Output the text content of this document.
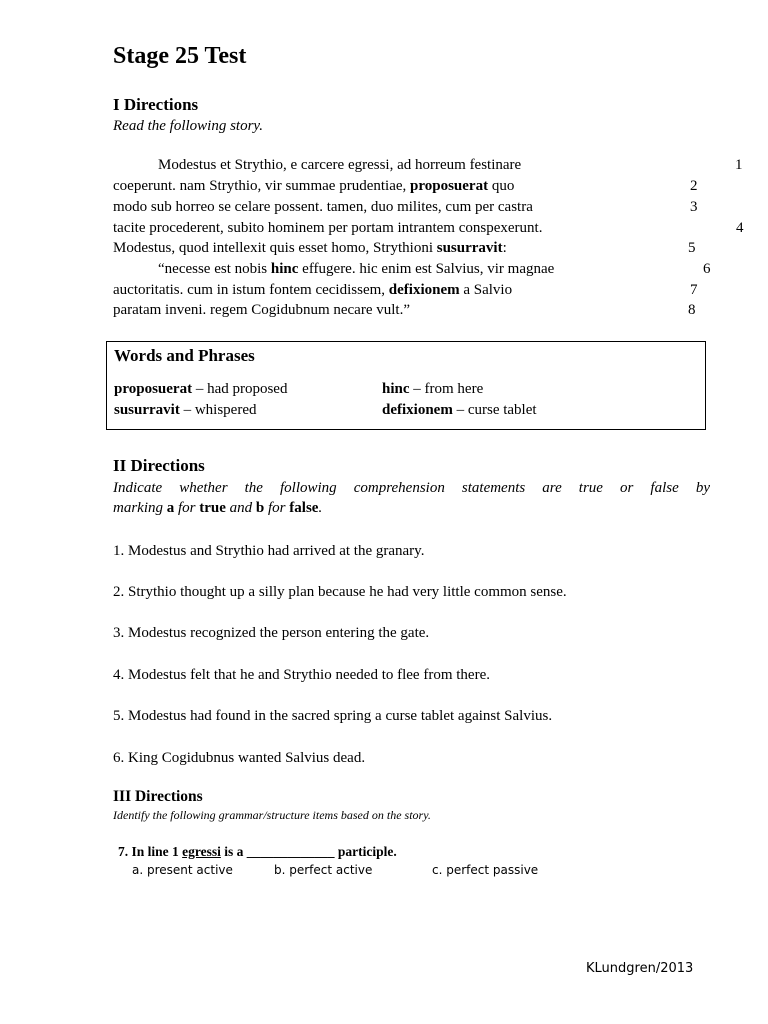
Stage 25 Test
I Directions
Read the following story.
Modestus et Strythio, e carcere egressi, ad horreum festinare	1
coeperunt. nam Strythio, vir summae prudentiae, proposuerat quo	2
modo sub horreo se celare possent. tamen, duo milites, cum per castra	3
tacite procederent, subito hominem per portam intrantem conspexerunt.	4
Modestus, quod intellexit quis esset homo, Strythioni susurravit:	5
“necesse est nobis hinc effugere. hic enim est Salvius, vir magnae	6
auctoritatis. cum in istum fontem cecidissem, defixionem a Salvio	7
paratam inveni. regem Cogidubnum necare vult.”	8
Words and Phrases
proposuerat – had proposed	hinc – from here
susurravit – whispered	defixionem – curse tablet
II Directions
Indicate whether the following comprehension statements are true or false by
marking a for true and b for false.
1. Modestus and Strythio had arrived at the granary.
2. Strythio thought up a silly plan because he had very little common sense.
3. Modestus recognized the person entering the gate.
4. Modestus felt that he and Strythio needed to flee from there.
5. Modestus had found in the sacred spring a curse tablet against Salvius.
6. King Cogidubnus wanted Salvius dead.
III Directions
Identify the following grammar/structure items based on the story.
7. In line 1 egressi is a _____________ participle.
a. present active	b. perfect active	c. perfect passive
KLundgren/2013
